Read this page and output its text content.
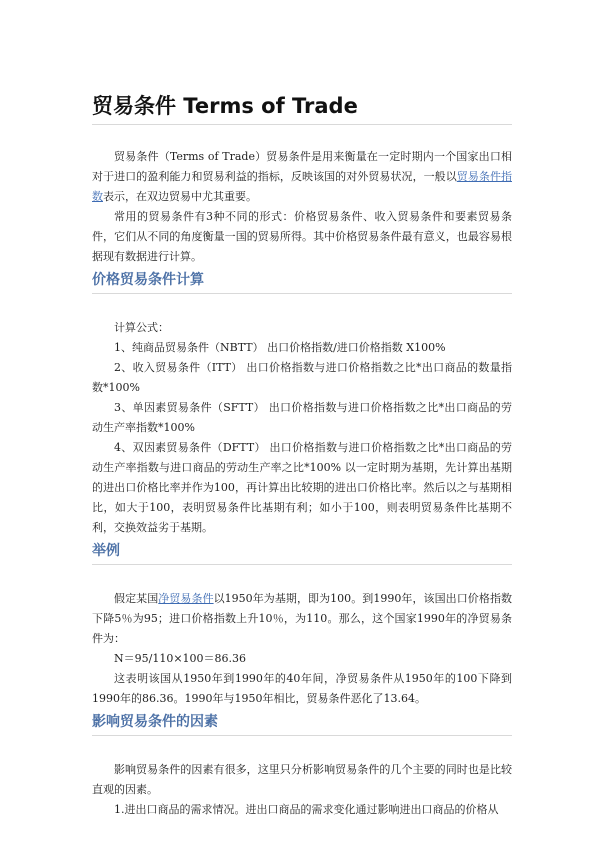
贸易条件 Terms of Trade

贸易条件（Terms of Trade）贸易条件是用来衡量在一定时期内一个国家出口相对于进口的盈利能力和贸易利益的指标，反映该国的对外贸易状况，一般以贸易条件指数表示，在双边贸易中尤其重要。

常用的贸易条件有3种不同的形式：价格贸易条件、收入贸易条件和要素贸易条件，它们从不同的角度衡量一国的贸易所得。其中价格贸易条件最有意义，也最容易根据现有数据进行计算。

价格贸易条件计算

计算公式：

1、纯商品贸易条件（NBTT） 出口价格指数/进口价格指数 X100%

2、收入贸易条件（ITT） 出口价格指数与进口价格指数之比*出口商品的数量指数*100%

3、单因素贸易条件（SFTT） 出口价格指数与进口价格指数之比*出口商品的劳动生产率指数*100%

4、双因素贸易条件（DFTT） 出口价格指数与进口价格指数之比*出口商品的劳动生产率指数与进口商品的劳动生产率之比*100% 以一定时期为基期，先计算出基期的进出口价格比率并作为100，再计算出比较期的进出口价格比率。然后以之与基期相比，如大于100，表明贸易条件比基期有利；如小于100，则表明贸易条件比基期不利，交换效益劣于基期。

举例

假定某国净贸易条件以1950年为基期，即为100。到1990年，该国出口价格指数下降5％为95；进口价格指数上升10％，为110。那么，这个国家1990年的净贸易条件为：

N＝95/110×100＝86.36

这表明该国从1950年到1990年的40年间，净贸易条件从1950年的100下降到1990年的86.36。1990年与1950年相比，贸易条件恶化了13.64。

影响贸易条件的因素

影响贸易条件的因素有很多，这里只分析影响贸易条件的几个主要的同时也是比较直观的因素。

1.进出口商品的需求情况。进出口商品的需求变化通过影响进出口商品的价格从
